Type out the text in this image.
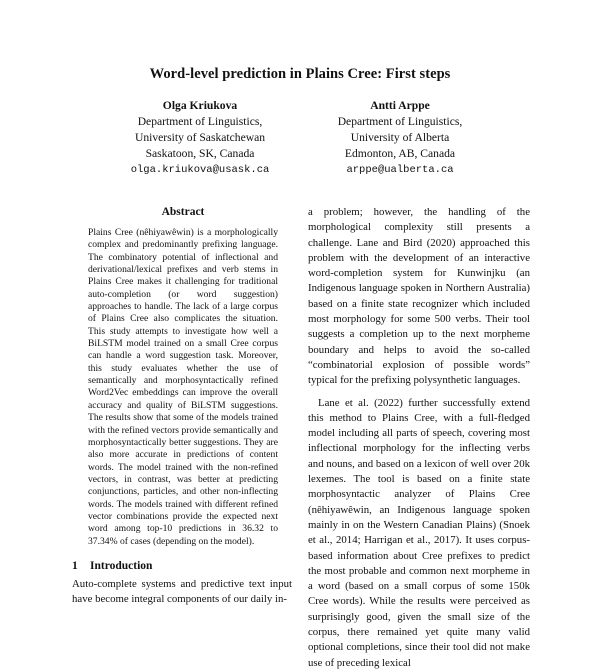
Word-level prediction in Plains Cree: First steps
Olga Kriukova
Department of Linguistics,
University of Saskatchewan
Saskatoon, SK, Canada
olga.kriukova@usask.ca
Antti Arppe
Department of Linguistics,
University of Alberta
Edmonton, AB, Canada
arppe@ualberta.ca
Abstract
Plains Cree (nêhiyawêwin) is a morphologically complex and predominantly prefixing language. The combinatory potential of inflectional and derivational/lexical prefixes and verb stems in Plains Cree makes it challenging for traditional auto-completion (or word suggestion) approaches to handle. The lack of a large corpus of Plains Cree also complicates the situation. This study attempts to investigate how well a BiLSTM model trained on a small Cree corpus can handle a word suggestion task. Moreover, this study evaluates whether the use of semantically and morphosyntactically refined Word2Vec embeddings can improve the overall accuracy and quality of BiLSTM suggestions. The results show that some of the models trained with the refined vectors provide semantically and morphosyntactically better suggestions. They are also more accurate in predictions of content words. The model trained with the non-refined vectors, in contrast, was better at predicting conjunctions, particles, and other non-inflecting words. The models trained with different refined vector combinations provide the expected next word among top-10 predictions in 36.32 to 37.34% of cases (depending on the model).
1 Introduction
Auto-complete systems and predictive text input have become integral components of our daily in-

a problem; however, the handling of the morphological complexity still presents a challenge. Lane and Bird (2020) approached this problem with the development of an interactive word-completion system for Kunwinjku (an Indigenous language spoken in Northern Australia) based on a finite state recognizer which included most morphology for some 500 verbs. Their tool suggests a completion up to the next morpheme boundary and helps to avoid the so-called “combinatorial explosion of possible words” typical for the prefixing polysynthetic languages.

Lane et al. (2022) further successfully extend this method to Plains Cree, with a full-fledged model including all parts of speech, covering most inflectional morphology for the inflecting verbs and nouns, and based on a lexicon of well over 20k lexemes. The tool is based on a finite state morphosyntactic analyzer of Plains Cree (nêhiyawêwin, an Indigenous language spoken mainly in on the Western Canadian Plains) (Snoek et al., 2014; Harrigan et al., 2017). It uses corpus-based information about Cree prefixes to predict the most probable and common next morpheme in a word (based on a small corpus of some 150k Cree words). While the results were perceived as surprisingly good, given the small size of the corpus, there remained yet quite many valid optional completions, since their tool did not make use of preceding lexical
